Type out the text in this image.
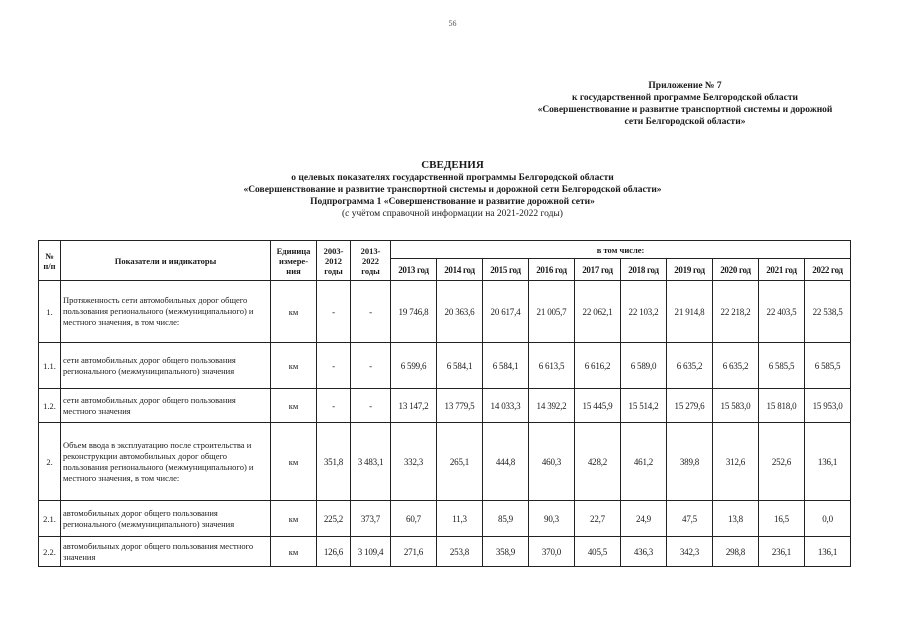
56
Приложение № 7
к государственной программе Белгородской области
«Совершенствование и развитие транспортной системы и дорожной
сети Белгородской области»
СВЕДЕНИЯ
о целевых показателях государственной программы Белгородской области
«Совершенствование и развитие транспортной системы и дорожной сети Белгородской области»
Подпрограмма 1 «Совершенствование и развитие дорожной сети»
(с учётом справочной информации на 2021-2022 годы)
№ п/п	Показатели и индикаторы	Единица измере-ния	2003-2012 годы	2013-2022 годы	в том числе:									
					2013 год	2014 год	2015 год	2016 год	2017 год	2018 год	2019 год	2020 год	2021 год	2022 год
1.	Протяженность сети автомобильных дорог общего пользования регионального (межмуниципального) и местного значения, в том числе:	км	-	-	19 746,8	20 363,6	20 617,4	21 005,7	22 062,1	22 103,2	21 914,8	22 218,2	22 403,5	22 538,5
1.1.	сети автомобильных дорог общего пользования регионального (межмуниципального) значения	км	-	-	6 599,6	6 584,1	6 584,1	6 613,5	6 616,2	6 589,0	6 635,2	6 635,2	6 585,5	6 585,5
1.2.	сети автомобильных дорог общего пользования местного значения	км	-	-	13 147,2	13 779,5	14 033,3	14 392,2	15 445,9	15 514,2	15 279,6	15 583,0	15 818,0	15 953,0
2.	Объем ввода в эксплуатацию после строительства и реконструкции автомобильных дорог общего пользования регионального (межмуниципального) и местного значения, в том числе:	км	351,8	3 483,1	332,3	265,1	444,8	460,3	428,2	461,2	389,8	312,6	252,6	136,1
2.1.	автомобильных дорог общего пользования регионального (межмуниципального) значения	км	225,2	373,7	60,7	11,3	85,9	90,3	22,7	24,9	47,5	13,8	16,5	0,0
2.2.	автомобильных дорог общего пользования местного значения	км	126,6	3 109,4	271,6	253,8	358,9	370,0	405,5	436,3	342,3	298,8	236,1	136,1
